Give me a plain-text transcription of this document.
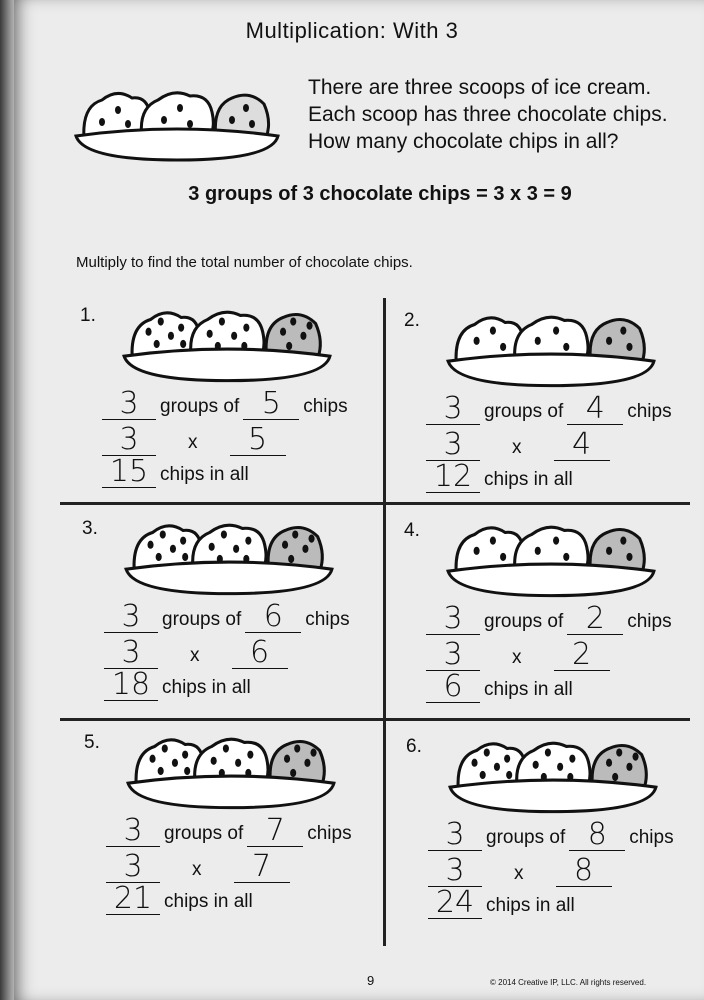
Multiplication: With 3
There are three scoops of ice cream.
Each scoop has three chocolate chips.
How many chocolate chips in all?
3 groups of 3 chocolate chips = 3 x 3 = 9
Multiply to find the total number of chocolate chips.
1.
3 groups of 5 chips
3	x 5
15 chips in all
2.
3 groups of 4 chips
3	x 4
12 chips in all
3.
3 groups of 6 chips
3	x 6
18 chips in all
4.
3 groups of 2 chips
3	x 2
6 chips in all
5.
3 groups of 7 chips
3	x 7
21 chips in all
6.
3 groups of 8 chips
3	x 8
24 chips in all
9	© 2014 Creative IP, LLC. All rights reserved.
